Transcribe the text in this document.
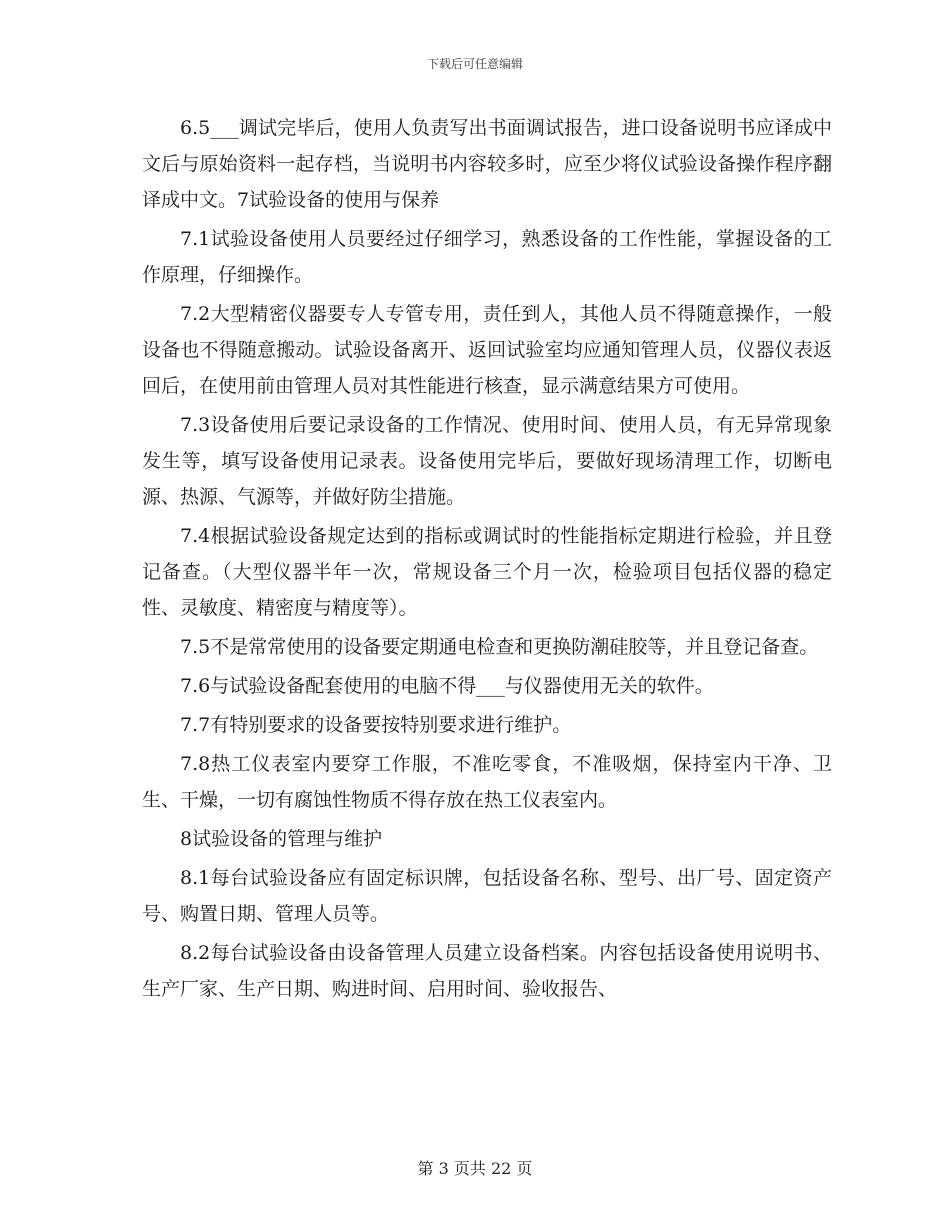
下载后可任意编辑

6.5___调试完毕后，使用人负责写出书面调试报告，进口设备说明书应译成中文后与原始资料一起存档，当说明书内容较多时，应至少将仪试验设备操作程序翻译成中文。7试验设备的使用与保养

7.1试验设备使用人员要经过仔细学习，熟悉设备的工作性能，掌握设备的工作原理，仔细操作。

7.2大型精密仪器要专人专管专用，责任到人，其他人员不得随意操作，一般设备也不得随意搬动。试验设备离开、返回试验室均应通知管理人员，仪器仪表返回后，在使用前由管理人员对其性能进行核查，显示满意结果方可使用。

7.3设备使用后要记录设备的工作情况、使用时间、使用人员，有无异常现象发生等，填写设备使用记录表。设备使用完毕后，要做好现场清理工作，切断电源、热源、气源等，并做好防尘措施。

7.4根据试验设备规定达到的指标或调试时的性能指标定期进行检验，并且登记备查。（大型仪器半年一次，常规设备三个月一次，检验项目包括仪器的稳定性、灵敏度、精密度与精度等）。

7.5不是常常使用的设备要定期通电检查和更换防潮硅胶等，并且登记备查。

7.6与试验设备配套使用的电脑不得___与仪器使用无关的软件。

7.7有特别要求的设备要按特别要求进行维护。

7.8热工仪表室内要穿工作服，不准吃零食，不准吸烟，保持室内干净、卫生、干燥，一切有腐蚀性物质不得存放在热工仪表室内。

8试验设备的管理与维护

8.1每台试验设备应有固定标识牌，包括设备名称、型号、出厂号、固定资产号、购置日期、管理人员等。

8.2每台试验设备由设备管理人员建立设备档案。内容包括设备使用说明书、生产厂家、生产日期、购进时间、启用时间、验收报告、

第 3 页共 22 页
